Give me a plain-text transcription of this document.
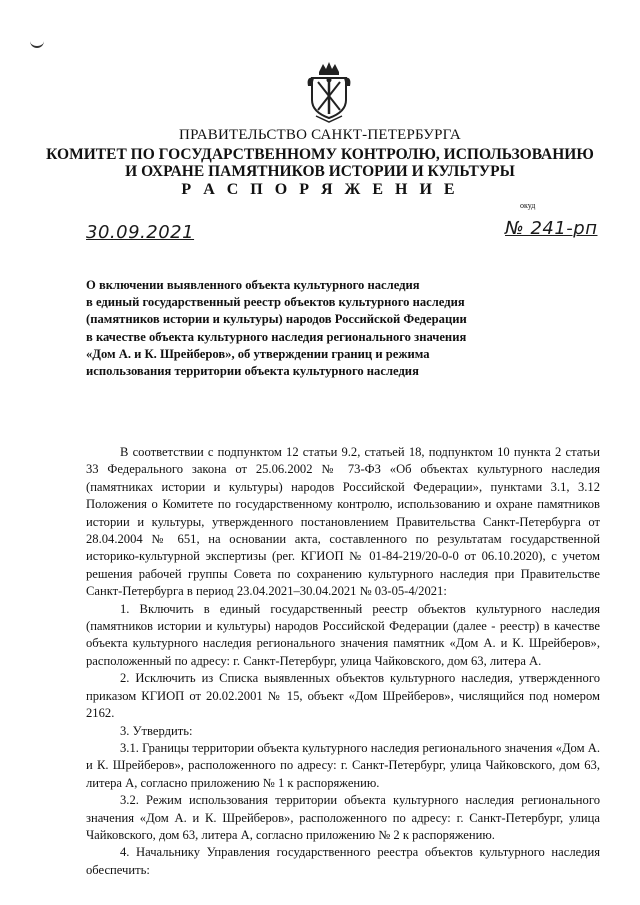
ПРАВИТЕЛЬСТВО САНКТ-ПЕТЕРБУРГА
КОМИТЕТ ПО ГОСУДАРСТВЕННОМУ КОНТРОЛЮ, ИСПОЛЬЗОВАНИЮ
И ОХРАНЕ ПАМЯТНИКОВ ИСТОРИИ И КУЛЬТУРЫ
Р А С П О Р Я Ж Е Н И Е
окуд
30.09.2021	№ 241-рп
О включении выявленного объекта культурного наследия
в единый государственный реестр объектов культурного наследия
(памятников истории и культуры) народов Российской Федерации
в качестве объекта культурного наследия регионального значения
«Дом А. и К. Шрейберов», об утверждении границ и режима
использования территории объекта культурного наследия

В соответствии с подпунктом 12 статьи 9.2, статьей 18, подпунктом 10 пункта 2 статьи 33 Федерального закона от 25.06.2002 № 73-ФЗ «Об объектах культурного наследия (памятниках истории и культуры) народов Российской Федерации», пунктами 3.1, 3.12 Положения о Комитете по государственному контролю, использованию и охране памятников истории и культуры, утвержденного постановлением Правительства Санкт-Петербурга от 28.04.2004 № 651, на основании акта, составленного по результатам государственной историко-культурной экспертизы (рег. КГИОП № 01-84-219/20-0-0 от 06.10.2020), с учетом решения рабочей группы Совета по сохранению культурного наследия при Правительстве Санкт-Петербурга в период 23.04.2021–30.04.2021 № 03-05-4/2021:

1. Включить в единый государственный реестр объектов культурного наследия (памятников истории и культуры) народов Российской Федерации (далее - реестр) в качестве объекта культурного наследия регионального значения памятник «Дом А. и К. Шрейберов», расположенный по адресу: г. Санкт-Петербург, улица Чайковского, дом 63, литера А.

2. Исключить из Списка выявленных объектов культурного наследия, утвержденного приказом КГИОП от 20.02.2001 № 15, объект «Дом Шрейберов», числящийся под номером 2162.

3. Утвердить:

3.1. Границы территории объекта культурного наследия регионального значения «Дом А. и К. Шрейберов», расположенного по адресу: г. Санкт-Петербург, улица Чайковского, дом 63, литера А, согласно приложению № 1 к распоряжению.

3.2. Режим использования территории объекта культурного наследия регионального значения «Дом А. и К. Шрейберов», расположенного по адресу: г. Санкт-Петербург, улица Чайковского, дом 63, литера А, согласно приложению № 2 к распоряжению.

4. Начальнику Управления государственного реестра объектов культурного наследия обеспечить:
